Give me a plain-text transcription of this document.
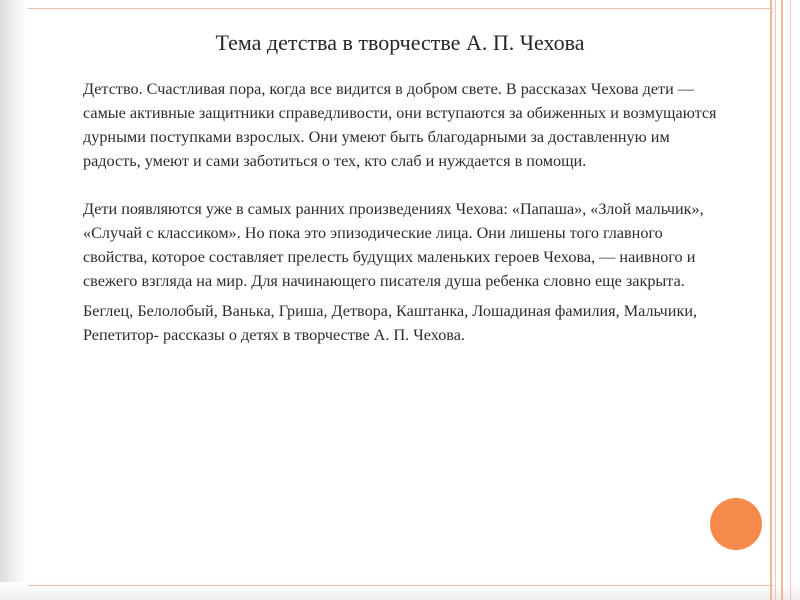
Тема детства в творчестве А. П. Чехова

Детство. Счастливая пора, когда все видится в добром свете. В рассказах Чехова дети — самые активные защитники справедливости, они вступаются за обиженных и возмущаются дурными поступками взрослых. Они умеют быть благодарными за доставленную им радость, умеют и сами заботиться о тех, кто слаб и нуждается в помощи.

Дети появляются уже в самых ранних произведениях Чехова: «Папаша», «Злой мальчик», «Случай с классиком». Но пока это эпизодические лица. Они лишены того главного свойства, которое составляет прелесть будущих маленьких героев Чехова, — наивного и свежего взгляда на мир. Для начинающего писателя душа ребенка словно еще закрыта.

Беглец, Белолобый, Ванька, Гриша, Детвора, Каштанка, Лошадиная фамилия, Мальчики, Репетитор- рассказы о детях в творчестве А. П. Чехова.
